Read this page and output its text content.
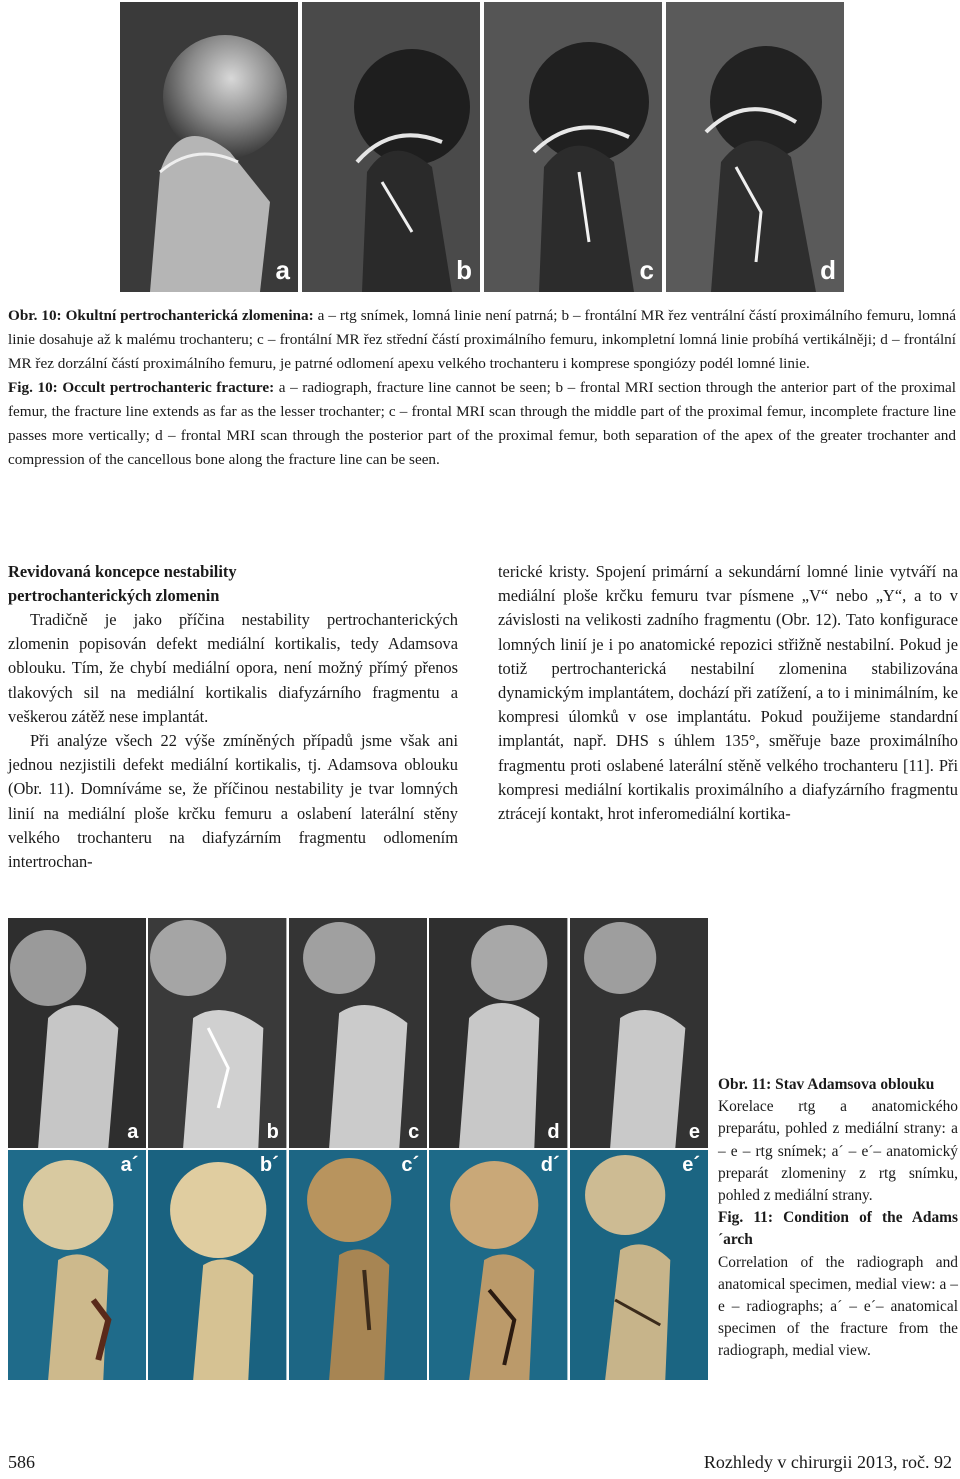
a	b	c	d

Obr. 10: Okultní pertrochanterická zlomenina: a – rtg snímek, lomná linie není patrná; b – frontální MR řez ventrální částí proximálního femuru, lomná linie dosahuje až k malému trochanteru; c – frontální MR řez střední částí proximálního femuru, inkompletní lomná linie probíhá vertikálněji; d – frontální MR řez dorzální částí proximálního femuru, je patrné odlomení apexu velkého trochanteru i komprese spongiózy podél lomné linie.

Fig. 10: Occult pertrochanteric fracture: a – radiograph, fracture line cannot be seen; b – frontal MRI section through the anterior part of the proximal femur, the fracture line extends as far as the lesser trochanter; c – frontal MRI scan through the middle part of the proximal femur, incomplete fracture line passes more vertically; d – frontal MRI scan through the posterior part of the proximal femur, both separation of the apex of the greater trochanter and compression of the cancellous bone along the fracture line can be seen.

Revidovaná koncepce nestability
pertrochanterických zlomenin

Tradičně je jako příčina nestability pertrochanterických zlomenin popisován defekt mediální kortikalis, tedy Adamsova oblouku. Tím, že chybí mediální opora, není možný přímý přenos tlakových sil na mediální kortikalis diafyzárního fragmentu a veškerou zátěž nese implantát.

Při analýze všech 22 výše zmíněných případů jsme však ani jednou nezjistili defekt mediální kortikalis, tj. Adamsova oblouku (Obr. 11). Domníváme se, že příčinou nestability je tvar lomných linií na mediální ploše krčku femuru a oslabení laterální stěny velkého trochanteru na diafyzárním fragmentu odlomením intertrochan-

terické kristy. Spojení primární a sekundární lomné linie vytváří na mediální ploše krčku femuru tvar písmene „V“ nebo „Y“, a to v závislosti na velikosti zadního fragmentu (Obr. 12). Tato konfigurace lomných linií je i po anatomické repozici střižně nestabilní. Pokud je totiž pertrochanterická nestabilní zlomenina stabilizována dynamickým implantátem, dochází při zatížení, a to i minimálním, ke kompresi úlomků v ose implantátu. Pokud použijeme standardní implantát, např. DHS s úhlem 135°, směřuje baze proximálního fragmentu proti oslabené laterální stěně velkého trochanteru [11]. Při kompresi mediální kortikalis proximálního a diafyzárního fragmentu ztrácejí kontakt, hrot inferomediální kortika-

a	b	c	d	e
a´	b´	c´	d´	e´
Obr. 11: Stav Adamsova oblouku
Korelace rtg a anatomického preparátu, pohled z mediální strany: a – e – rtg snímek; a´ – e´– anatomický preparát zlomeniny z rtg snímku, pohled z mediální strany.
Fig. 11: Condition of the Adams´arch
Correlation of the radiograph and anatomical specimen, medial view: a – e – radiographs; a´ – e´– anatomical specimen of the fracture from the radiograph, medial view.
586	Rozhledy v chirurgii 2013, roč. 92
